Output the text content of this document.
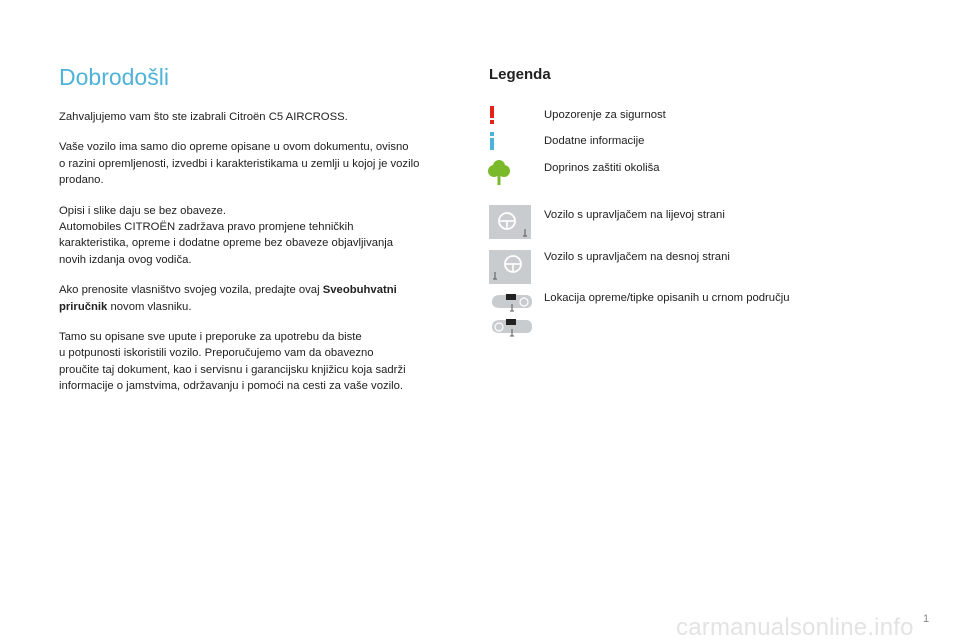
Dobrodošli

Zahvaljujemo vam što ste izabrali Citroën C5 AIRCROSS.

Vaše vozilo ima samo dio opreme opisane u ovom dokumentu, ovisno
o razini opremljenosti, izvedbi i karakteristikama u zemlji u kojoj je vozilo
prodano.

Opisi i slike daju se bez obaveze.
Automobiles CITROËN zadržava pravo promjene tehničkih
karakteristika, opreme i dodatne opreme bez obaveze objavljivanja
novih izdanja ovog vodiča.

Ako prenosite vlasništvo svojeg vozila, predajte ovaj Sveobuhvatni
priručnik novom vlasniku.

Tamo su opisane sve upute i preporuke za upotrebu da biste
u potpunosti iskoristili vozilo. Preporučujemo vam da obavezno
proučite taj dokument, kao i servisnu i garancijsku knjižicu koja sadrži
informacije o jamstvima, održavanju i pomoći na cesti za vaše vozilo.

Legenda
Upozorenje za sigurnost
Dodatne informacije
Doprinos zaštiti okoliša
Vozilo s upravljačem na lijevoj strani
Vozilo s upravljačem na desnoj strani
Lokacija opreme/tipke opisanih u crnom području
carmanualsonline.info 1
